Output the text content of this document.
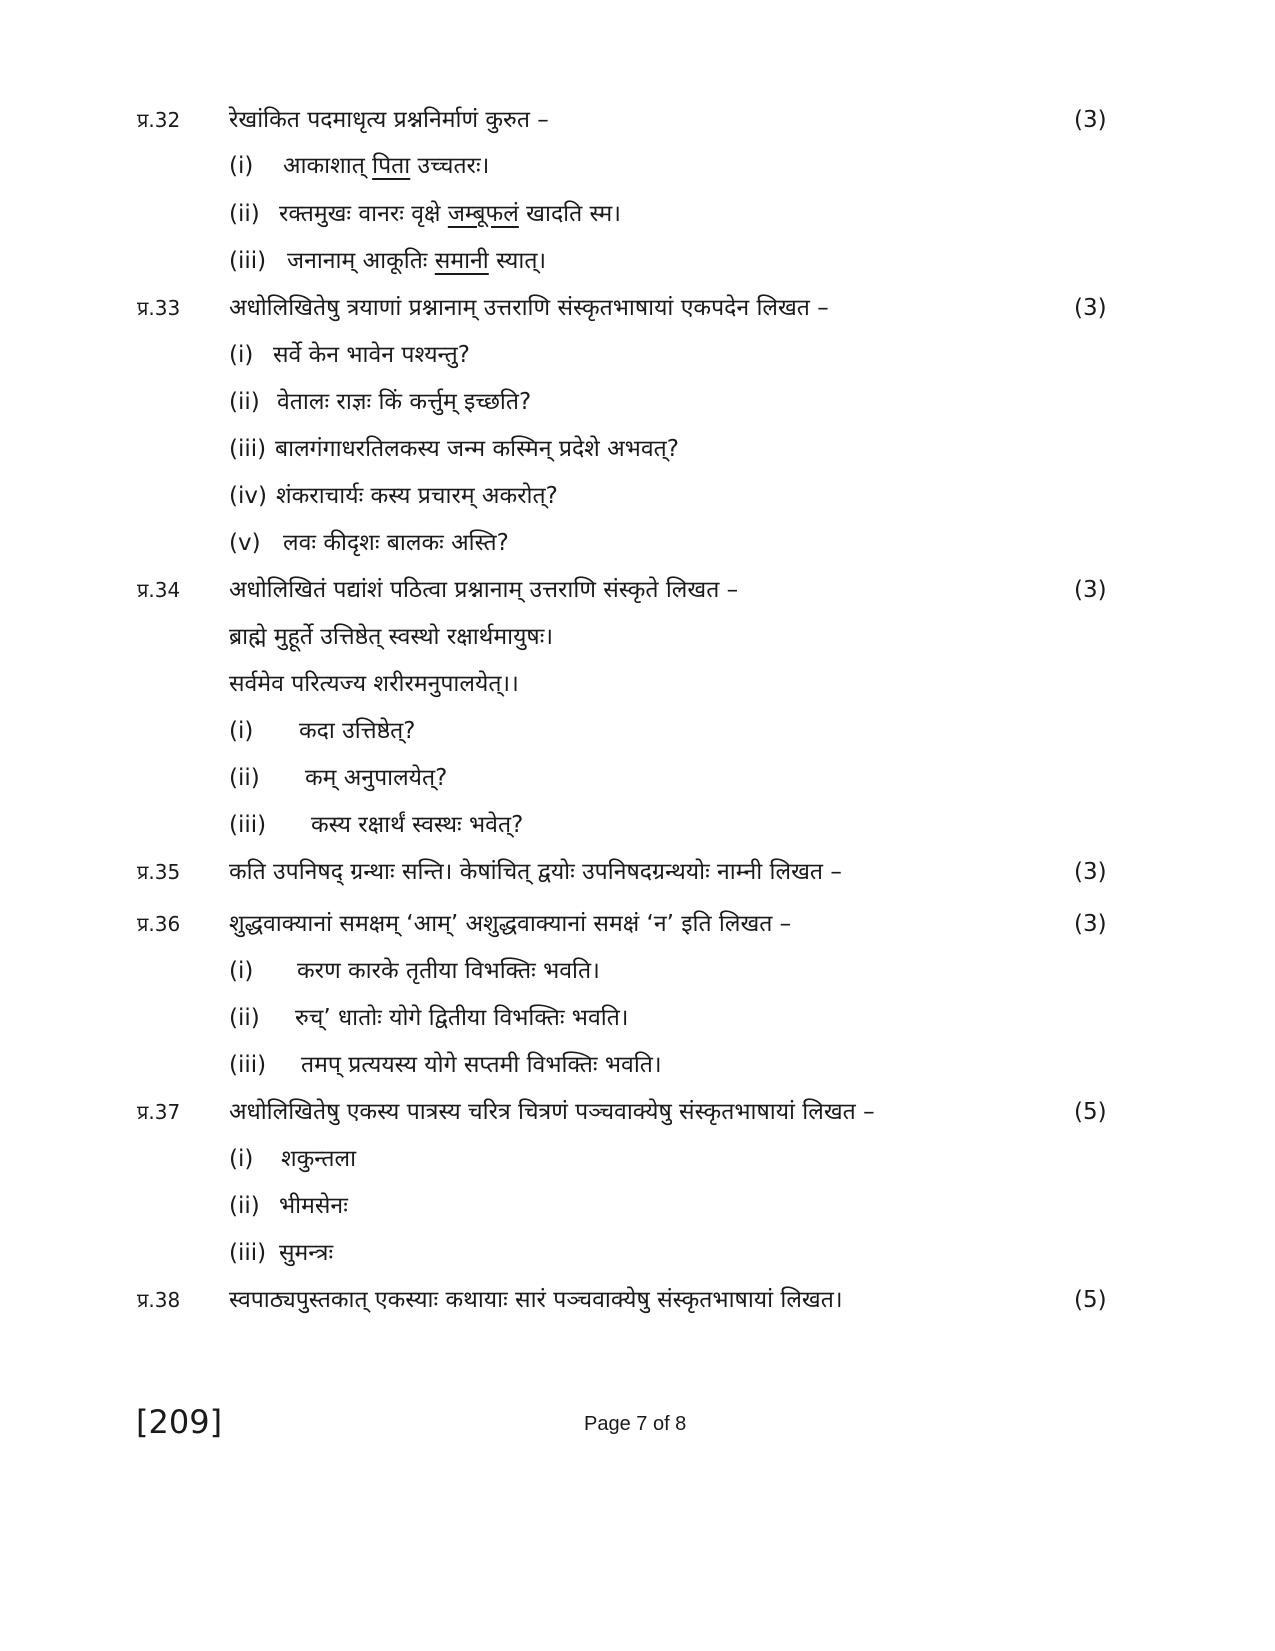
प्र.32 रेखांकित पदमाधृत्य प्रश्ननिर्माणं कुरुत –	(3)
(i) आकाशात् पिता उच्चतरः।
(ii) रक्तमुखः वानरः वृक्षे जम्बूफलं खादति स्म।
(iii) जनानाम् आकूतिः समानी स्यात्।
प्र.33 अधोलिखितेषु त्रयाणां प्रश्नानाम् उत्तराणि संस्कृतभाषायां एकपदेन लिखत –	(3)
(i) सर्वे केन भावेन पश्यन्तु?
(ii) वेतालः राज्ञः किं कर्त्तुम् इच्छति?
(iii) बालगंगाधरतिलकस्य जन्म कस्मिन् प्रदेशे अभवत्?
(iv) शंकराचार्यः कस्य प्रचारम् अकरोत्?
(v) लवः कीदृशः बालकः अस्ति?
प्र.34 अधोलिखितं पद्यांशं पठित्वा प्रश्नानाम् उत्तराणि संस्कृते लिखत –	(3)
ब्राह्मे मुहूर्ते उत्तिष्ठेत् स्वस्थो रक्षार्थमायुषः।
सर्वमेव परित्यज्य शरीरमनुपालयेत्।।
(i) कदा उत्तिष्ठेत्?
(ii) कम् अनुपालयेत्?
(iii) कस्य रक्षार्थं स्वस्थः भवेत्?
प्र.35 कति उपनिषद् ग्रन्थाः सन्ति। केषांचित् द्वयोः उपनिषदग्रन्थयोः नाम्नी लिखत –	(3)
प्र.36 शुद्धवाक्यानां समक्षम् ‘आम्’ अशुद्धवाक्यानां समक्षं ‘न’ इति लिखत –	(3)
(i) करण कारके तृतीया विभक्तिः भवति।
(ii) रुच्’ धातोः योगे द्वितीया विभक्तिः भवति।
(iii) तमप् प्रत्ययस्य योगे सप्तमी विभक्तिः भवति।
प्र.37 अधोलिखितेषु एकस्य पात्रस्य चरित्र चित्रणं पञ्चवाक्येषु संस्कृतभाषायां लिखत –	(5)
(i) शकुन्तला
(ii) भीमसेनः
(iii) सुमन्त्रः
प्र.38 स्वपाठ्यपुस्तकात् एकस्याः कथायाः सारं पञ्चवाक्येषु संस्कृतभाषायां लिखत।	(5)
[209]	Page 7 of 8
